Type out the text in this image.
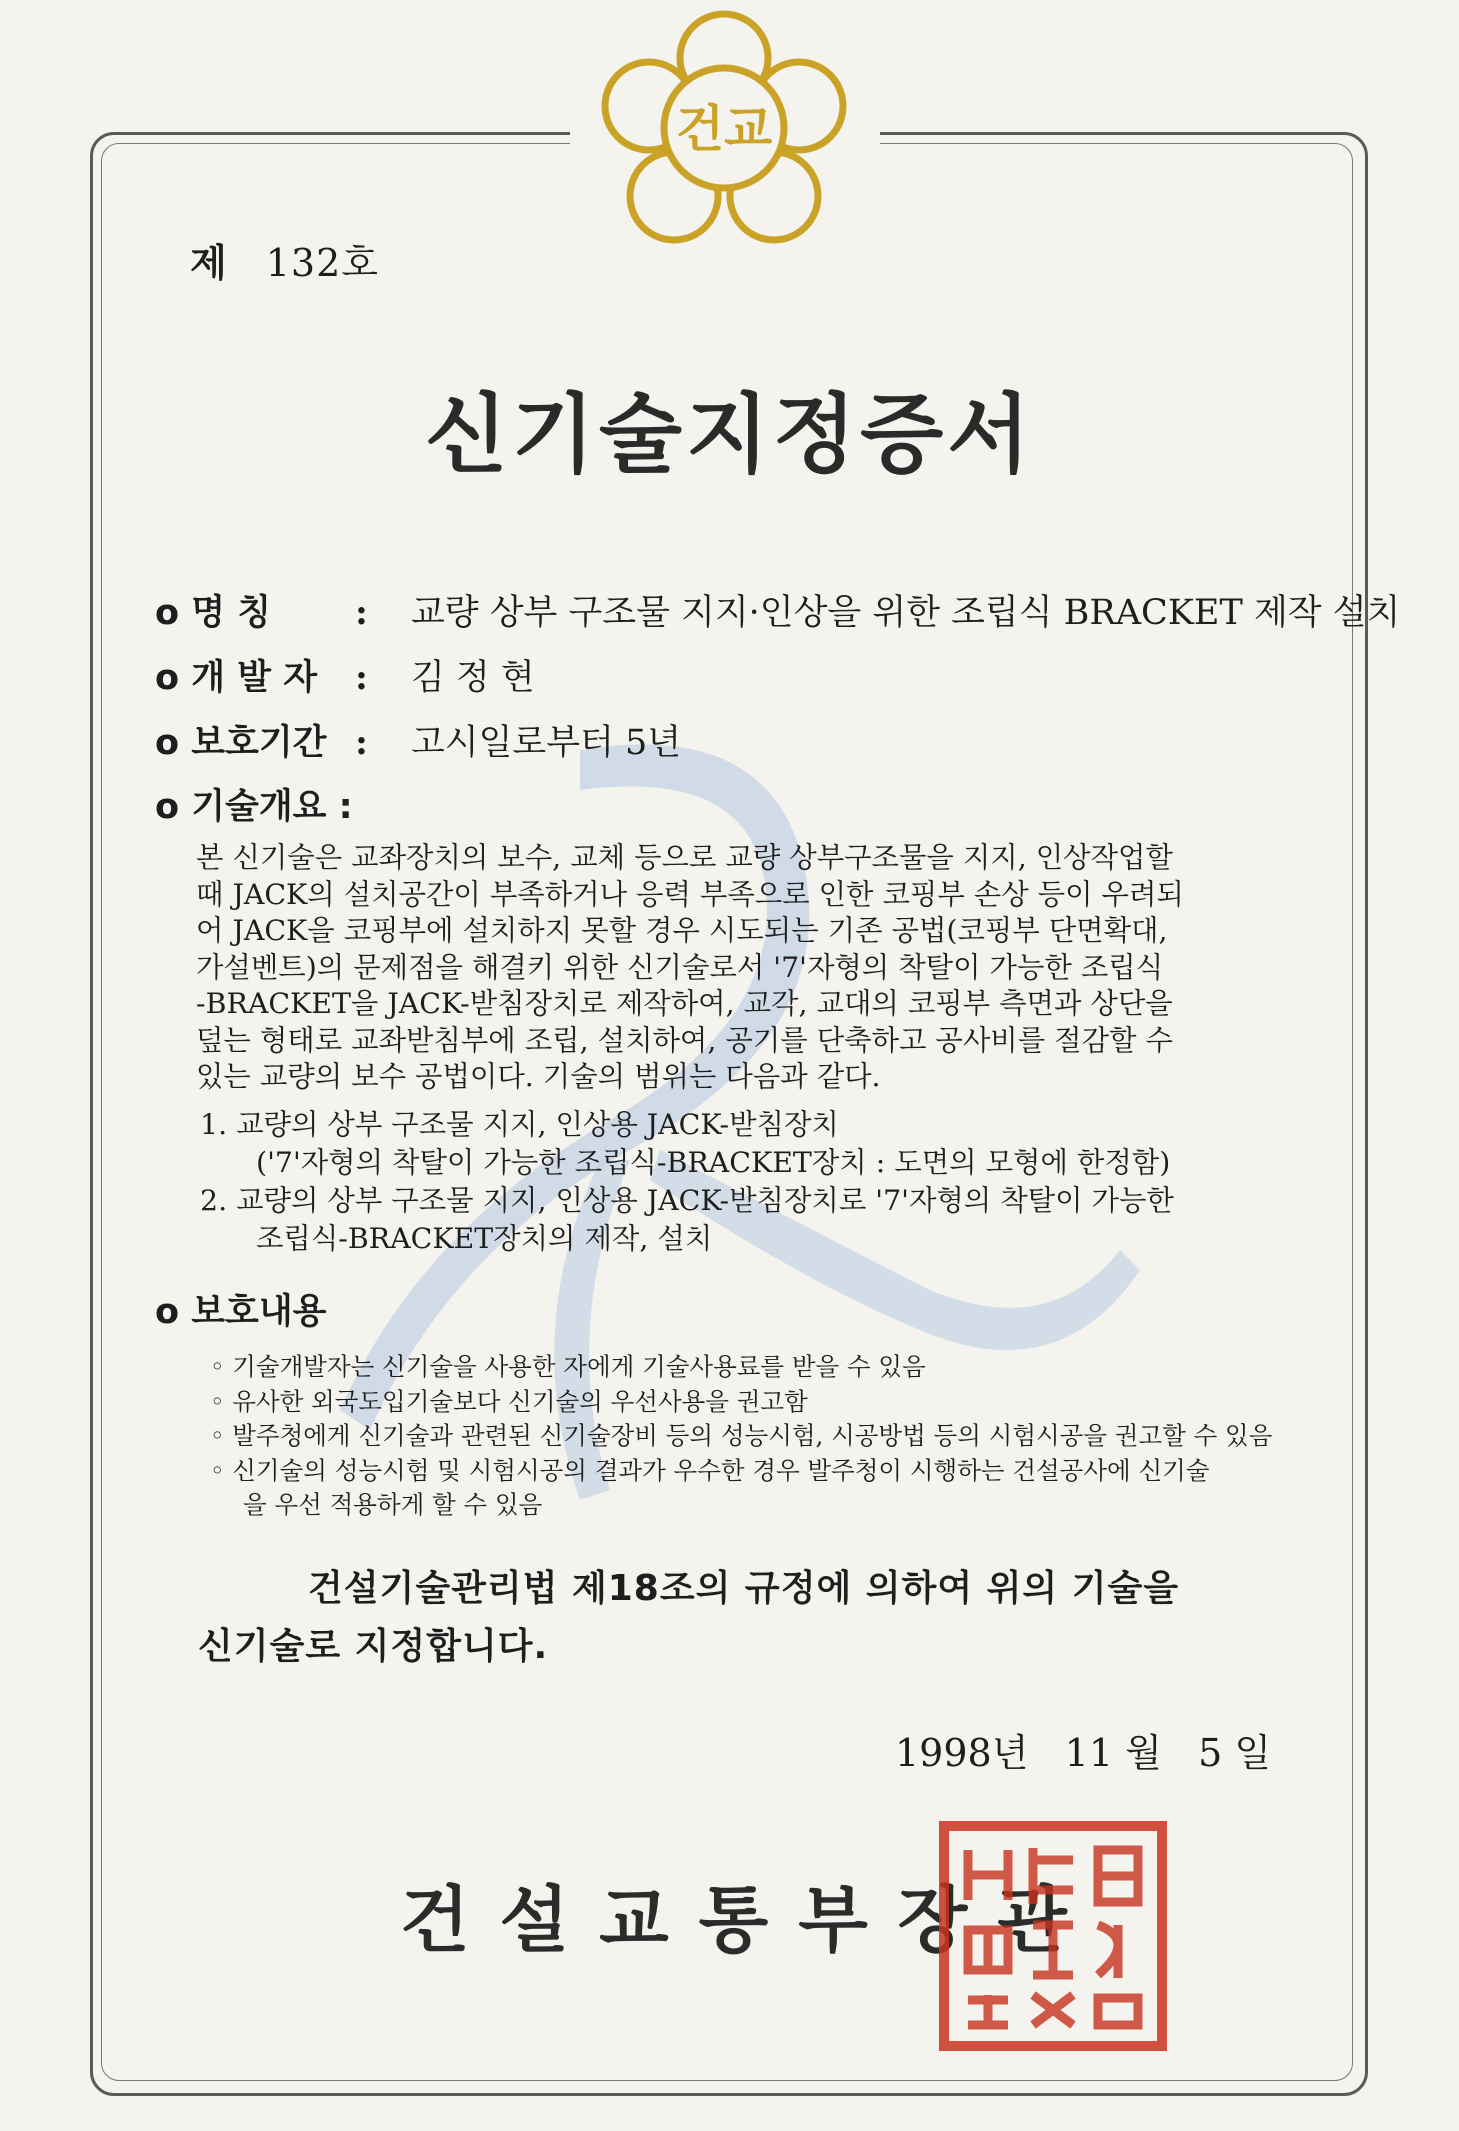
건교
제 132호
신기술지정증서
o 명 칭	:	교량 상부 구조물 지지·인상을 위한 조립식 BRACKET 제작 설치
o 개 발 자	:	김 정 현
o 보호기간 :	고시일로부터 5년
o 기술개요 :
본 신기술은 교좌장치의 보수, 교체 등으로 교량 상부구조물을 지지, 인상작업할
때 JACK의 설치공간이 부족하거나 응력 부족으로 인한 코핑부 손상 등이 우려되
어 JACK을 코핑부에 설치하지 못할 경우 시도되는 기존 공법(코핑부 단면확대,
가설벤트)의 문제점을 해결키 위한 신기술로서 '7'자형의 착탈이 가능한 조립식
-BRACKET을 JACK-받침장치로 제작하여, 교각, 교대의 코핑부 측면과 상단을
덮는 형태로 교좌받침부에 조립, 설치하여, 공기를 단축하고 공사비를 절감할 수
있는 교량의 보수 공법이다. 기술의 범위는 다음과 같다.
1. 교량의 상부 구조물 지지, 인상용 JACK-받침장치
('7'자형의 착탈이 가능한 조립식-BRACKET장치 : 도면의 모형에 한정함)
2. 교량의 상부 구조물 지지, 인상용 JACK-받침장치로 '7'자형의 착탈이 가능한
조립식-BRACKET장치의 제작, 설치
o 보호내용
◦ 기술개발자는 신기술을 사용한 자에게 기술사용료를 받을 수 있음
◦ 유사한 외국도입기술보다 신기술의 우선사용을 권고함
◦ 발주청에게 신기술과 관련된 신기술장비 등의 성능시험, 시공방법 등의 시험시공을 권고할 수 있음
◦ 신기술의 성능시험 및 시험시공의 결과가 우수한 경우 발주청이 시행하는 건설공사에 신기술
을 우선 적용하게 할 수 있음
건설기술관리법 제18조의 규정에 의하여 위의 기술을
신기술로 지정합니다.
1998년 11 월 5 일
건설교통부장관
